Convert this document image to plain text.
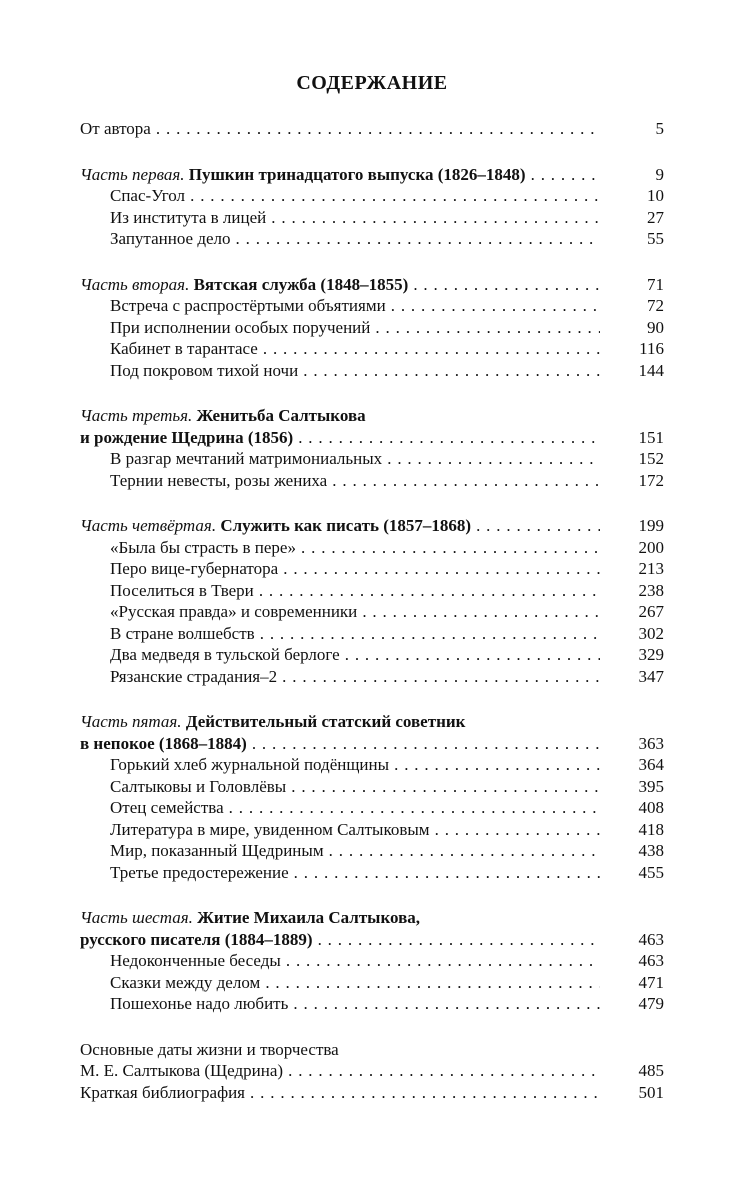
СОДЕРЖАНИЕ
От автора . . .	5
Часть первая. Пушкин тринадцатого выпуска (1826–1848) . . .	9
Спас-Угол . . .	10
Из института в лицей . . .	27
Запутанное дело . . .	55
Часть вторая. Вятская служба (1848–1855) . . .	71
Встреча с распростёртыми объятиями . . .	72
При исполнении особых поручений . . .	90
Кабинет в тарантасе . . .	116
Под покровом тихой ночи . . .	144
Часть третья. Женитьба Салтыкова
и рождение Щедрина (1856) . . .	151
В разгар мечтаний матримониальных . . .	152
Тернии невесты, розы жениха . . .	172
Часть четвёртая. Служить как писать (1857–1868) . . .	199
«Была бы страсть в пере» . . .	200
Перо вице-губернатора . . .	213
Поселиться в Твери . . .	238
«Русская правда» и современники . . .	267
В стране волшебств . . .	302
Два медведя в тульской берлоге . . .	329
Рязанские страдания–2 . . .	347
Часть пятая. Действительный статский советник
в непокое (1868–1884) . . .	363
Горький хлеб журнальной подёнщины . . .	364
Салтыковы и Головлёвы . . .	395
Отец семейства . . .	408
Литература в мире, увиденном Салтыковым . . .	418
Мир, показанный Щедриным . . .	438
Третье предостережение . . .	455
Часть шестая. Житие Михаила Салтыкова,
русского писателя (1884–1889) . . .	463
Недоконченные беседы . . .	463
Сказки между делом . . .	471
Пошехонье надо любить . . .	479
Основные даты жизни и творчества
М. Е. Салтыкова (Щедрина) . . .	485
Краткая библиография . . .	501
